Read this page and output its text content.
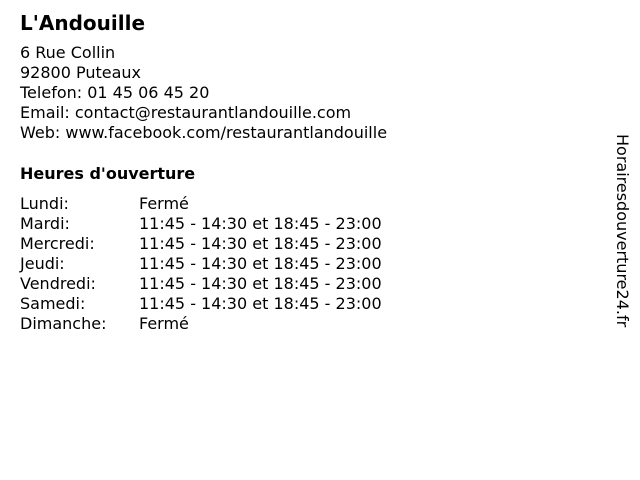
L'Andouille
6 Rue Collin
92800 Puteaux
Telefon: 01 45 06 45 20
Email: contact@restaurantlandouille.com
Web: www.facebook.com/restaurantlandouille
Heures d'ouverture
Lundi:	Fermé
Mardi:	11:45 - 14:30 et 18:45 - 23:00
Mercredi:	11:45 - 14:30 et 18:45 - 23:00
Jeudi:	11:45 - 14:30 et 18:45 - 23:00
Vendredi:	11:45 - 14:30 et 18:45 - 23:00
Samedi:	11:45 - 14:30 et 18:45 - 23:00
Dimanche:	Fermé	Horairesdouverture24.fr
